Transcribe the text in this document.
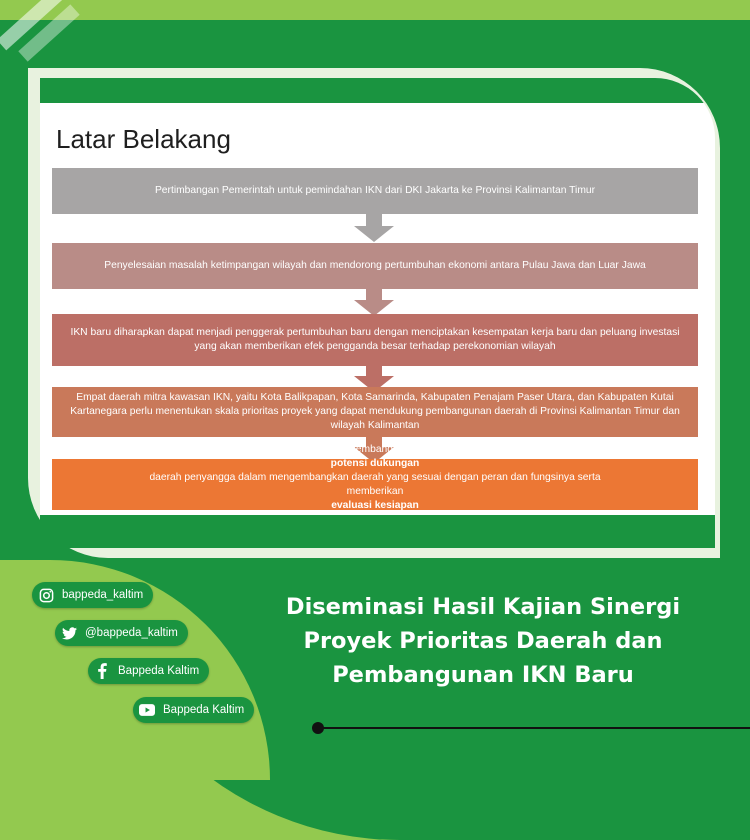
Latar Belakang
Pertimbangan Pemerintah untuk pemindahan IKN dari DKI Jakarta ke Provinsi Kalimantan Timur
Penyelesaian masalah ketimpangan wilayah dan mendorong pertumbuhan ekonomi antara Pulau Jawa dan Luar Jawa
IKN baru diharapkan dapat menjadi penggerak pertumbuhan baru dengan menciptakan kesempatan kerja baru dan peluang investasi yang akan memberikan efek pengganda besar terhadap perekonomian wilayah
Empat daerah mitra kawasan IKN, yaitu Kota Balikpapan, Kota Samarinda, Kabupaten Penajam Paser Utara, dan Kabupaten Kutai Kartanegara perlu menentukan skala prioritas proyek yang dapat mendukung pembangunan daerah di Provinsi Kalimantan Timur dan wilayah Kalimantan
Diperlukan Kajian Sinergi Proyek Prioritas Daerah dan Pembangunan Ibu Kota Negara Baru untuk dapat mengidentifikasi
potensi dukungan
daerah penyangga dalam mengembangkan daerah yang sesuai dengan peran dan fungsinya serta
memberikan
evaluasi kesiapan
Diseminasi Hasil Kajian Sinergi
Proyek Prioritas Daerah dan
Pembangunan IKN Baru
bappeda_kaltim
@bappeda_kaltim
Bappeda Kaltim
Bappeda Kaltim
